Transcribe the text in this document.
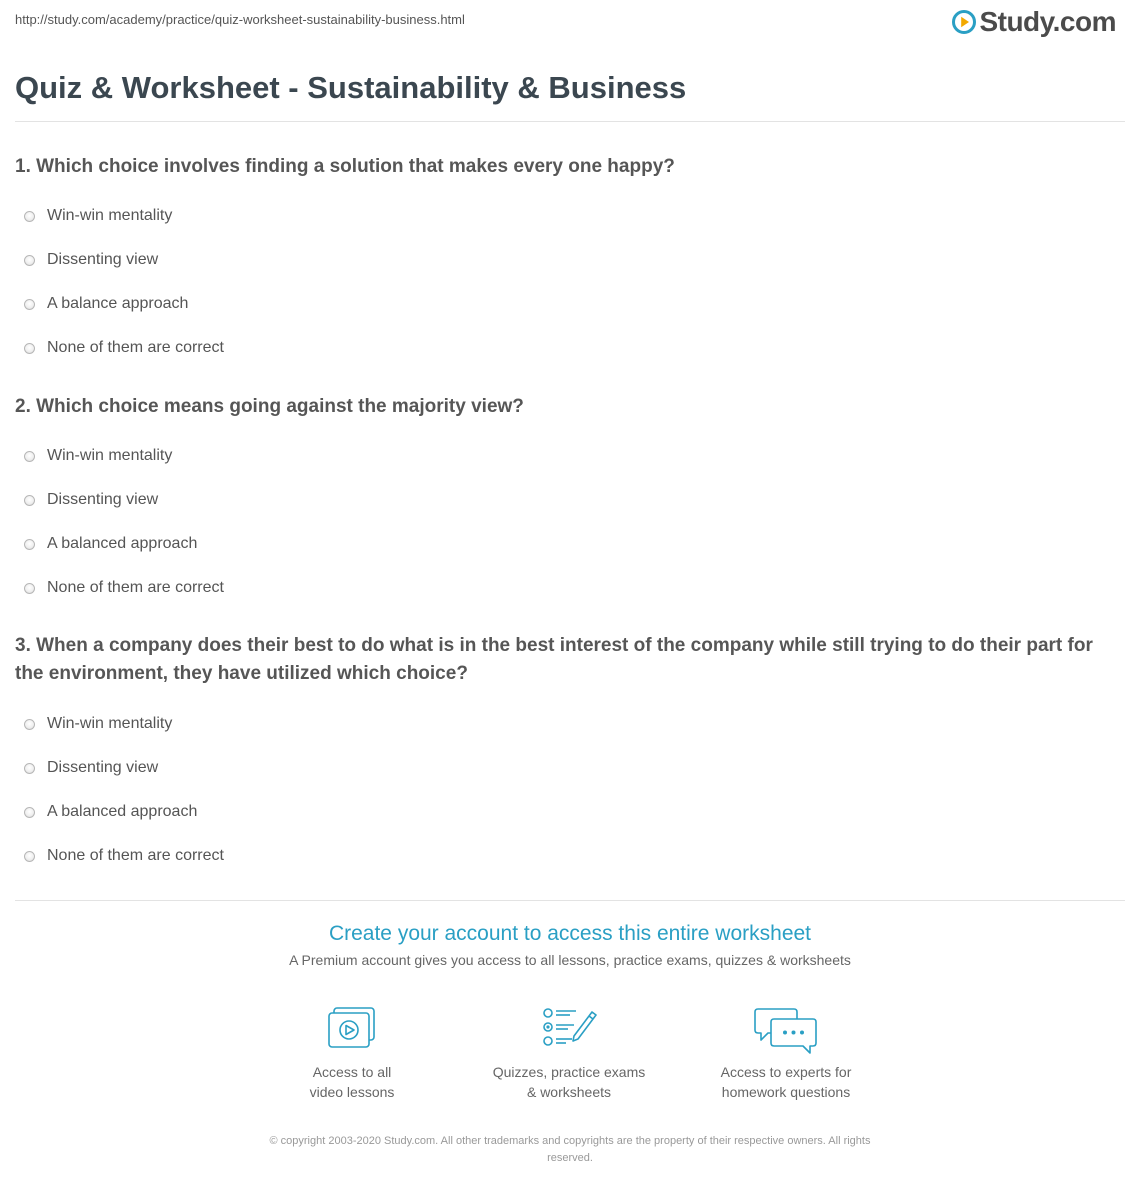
http://study.com/academy/practice/quiz-worksheet-sustainability-business.html	Study.com
Quiz & Worksheet - Sustainability & Business

1. Which choice involves finding a solution that makes every one happy?

Win-win mentality
Dissenting view
A balance approach
None of them are correct

2. Which choice means going against the majority view?

Win-win mentality
Dissenting view
A balanced approach
None of them are correct

3. When a company does their best to do what is in the best interest of the company while still trying to do their part for the environment, they have utilized which choice?

Win-win mentality
Dissenting view
A balanced approach
None of them are correct
Create your account to access this entire worksheet

A Premium account gives you access to all lessons, practice exams, quizzes & worksheets

Access to all
video lessons
Quizzes, practice exams
& worksheets
Access to experts for
homework questions
© copyright 2003-2020 Study.com. All other trademarks and copyrights are the property of their respective owners. All rights
reserved.
